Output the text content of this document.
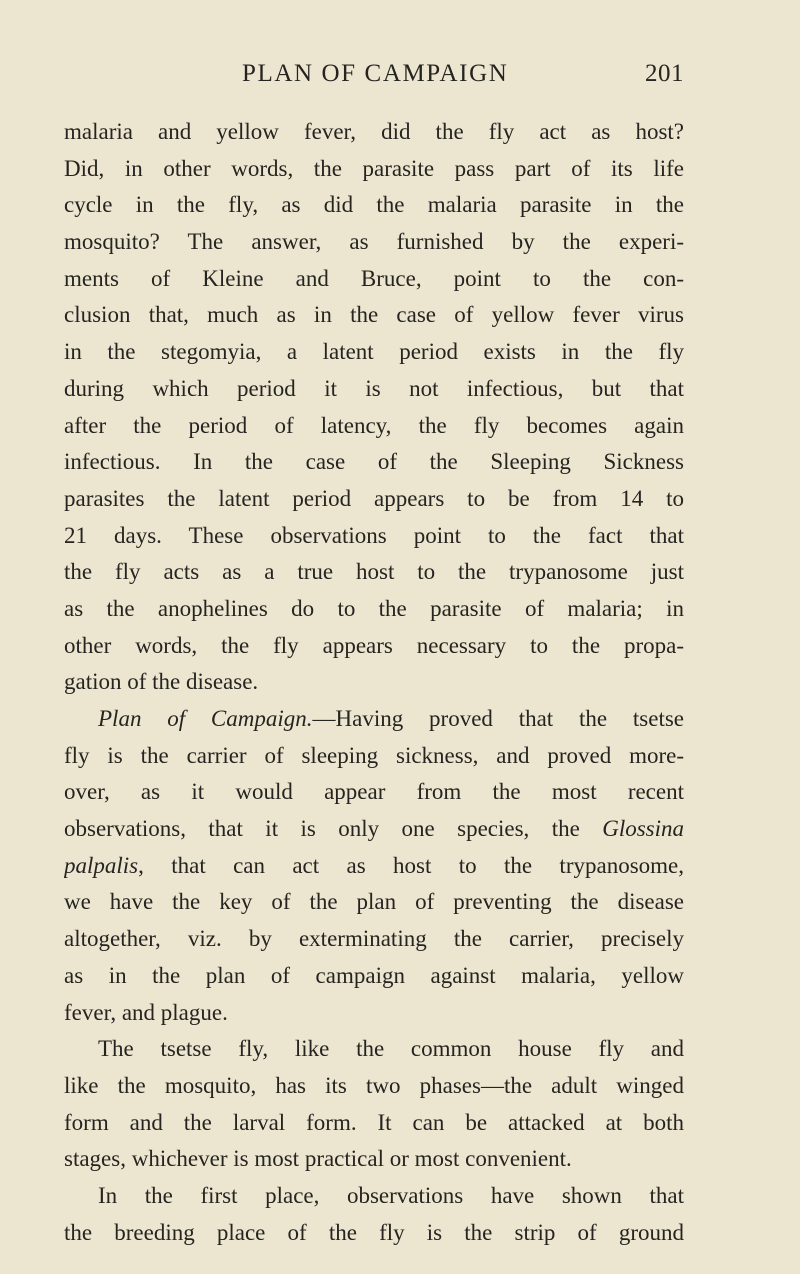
PLAN OF CAMPAIGN	201
malaria and yellow fever, did the fly act as host?
Did, in other words, the parasite pass part of its life
cycle in the fly, as did the malaria parasite in the
mosquito? The answer, as furnished by the experi-
ments of Kleine and Bruce, point to the con-
clusion that, much as in the case of yellow fever virus
in the stegomyia, a latent period exists in the fly
during which period it is not infectious, but that
after the period of latency, the fly becomes again
infectious. In the case of the Sleeping Sickness
parasites the latent period appears to be from 14 to
21 days. These observations point to the fact that
the fly acts as a true host to the trypanosome just
as the anophelines do to the parasite of malaria; in
other words, the fly appears necessary to the propa-
gation of the disease.
Plan of Campaign.—Having proved that the tsetse
fly is the carrier of sleeping sickness, and proved more-
over, as it would appear from the most recent
observations, that it is only one species, the Glossina
palpalis, that can act as host to the trypanosome,
we have the key of the plan of preventing the disease
altogether, viz. by exterminating the carrier, precisely
as in the plan of campaign against malaria, yellow
fever, and plague.
The tsetse fly, like the common house fly and
like the mosquito, has its two phases—the adult winged
form and the larval form. It can be attacked at both
stages, whichever is most practical or most convenient.
In the first place, observations have shown that
the breeding place of the fly is the strip of ground
